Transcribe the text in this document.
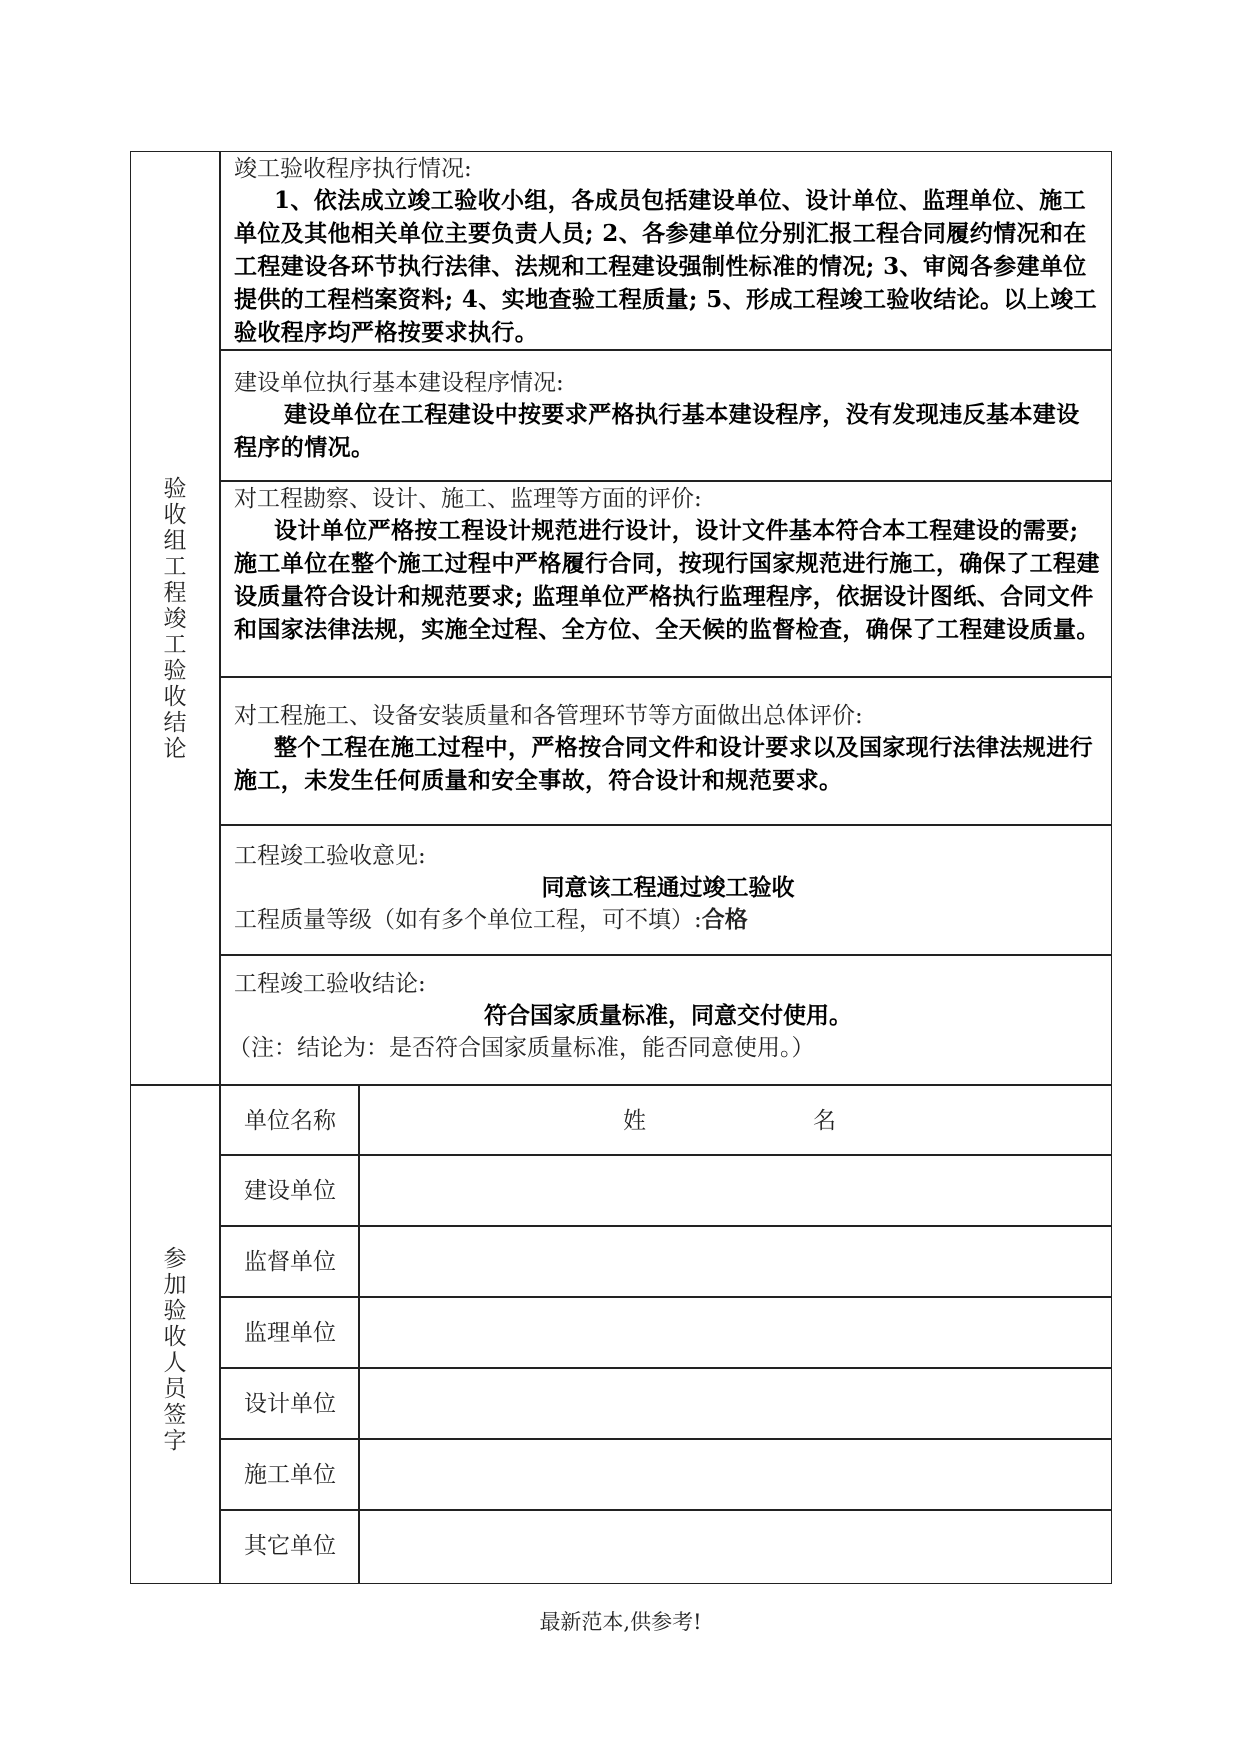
验收组工程竣工验收结论
参加验收人员签字
竣工验收程序执行情况:
1、依法成立竣工验收小组，各成员包括建设单位、设计单位、监理单位、施工单位及其他相关单位主要负责人员; 2、各参建单位分别汇报工程合同履约情况和在工程建设各环节执行法律、法规和工程建设强制性标准的情况; 3、审阅各参建单位提供的工程档案资料; 4、实地查验工程质量; 5、形成工程竣工验收结论。以上竣工验收程序均严格按要求执行。
建设单位执行基本建设程序情况:
建设单位在工程建设中按要求严格执行基本建设程序，没有发现违反基本建设程序的情况。
对工程勘察、设计、施工、监理等方面的评价:
设计单位严格按工程设计规范进行设计，设计文件基本符合本工程建设的需要; 施工单位在整个施工过程中严格履行合同，按现行国家规范进行施工，确保了工程建设质量符合设计和规范要求; 监理单位严格执行监理程序，依据设计图纸、合同文件和国家法律法规，实施全过程、全方位、全天候的监督检查，确保了工程建设质量。
对工程施工、设备安装质量和各管理环节等方面做出总体评价:
整个工程在施工过程中，严格按合同文件和设计要求以及国家现行法律法规进行施工，未发生任何质量和安全事故，符合设计和规范要求。
工程竣工验收意见:
同意该工程通过竣工验收
工程质量等级（如有多个单位工程，可不填）:合格
工程竣工验收结论:
符合国家质量标准，同意交付使用。
（注：结论为：是否符合国家质量标准，能否同意使用。）
单位名称	姓	名
建设单位
监督单位
监理单位
设计单位
施工单位
其它单位
最新范本,供参考!
